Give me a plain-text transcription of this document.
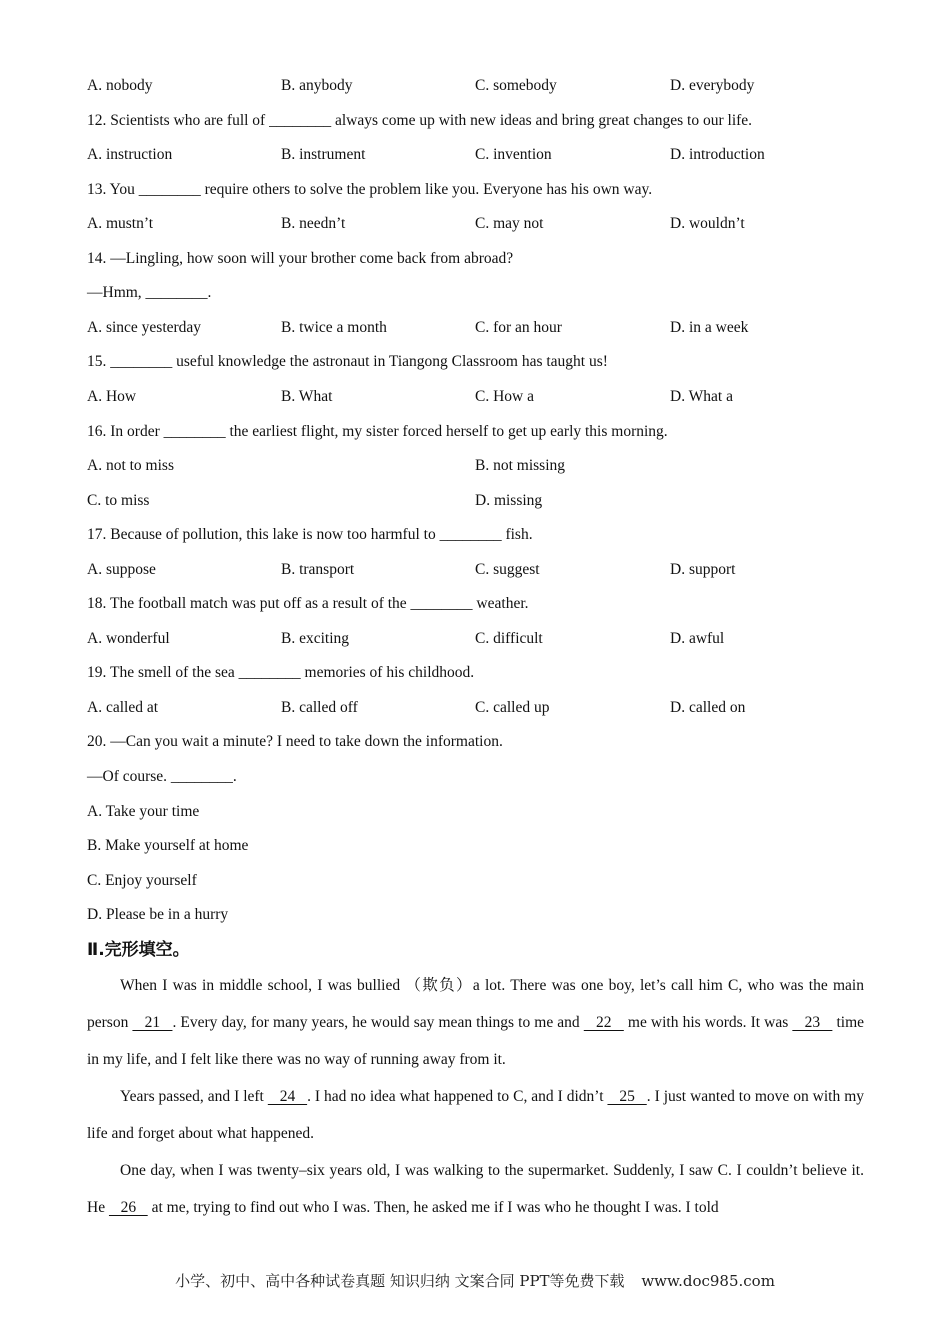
A. nobody	B. anybody	C. somebody	D. everybody
12. Scientists who are full of ________ always come up with new ideas and bring great changes to our life.
A. instruction	B. instrument	C. invention	D. introduction
13. You ________ require others to solve the problem like you. Everyone has his own way.
A. mustn’t	B. needn’t	C. may not	D. wouldn’t
14. —Lingling, how soon will your brother come back from abroad?
—Hmm, ________.
A. since yesterday	B. twice a month	C. for an hour	D. in a week
15. ________ useful knowledge the astronaut in Tiangong Classroom has taught us!
A. How	B. What	C. How a	D. What a
16. In order ________ the earliest flight, my sister forced herself to get up early this morning.
A. not to miss	B. not missing
C. to miss	D. missing
17. Because of pollution, this lake is now too harmful to ________ fish.
A. suppose	B. transport	C. suggest	D. support
18. The football match was put off as a result of the ________ weather.
A. wonderful	B. exciting	C. difficult	D. awful
19. The smell of the sea ________ memories of his childhood.
A. called at	B. called off	C. called up	D. called on
20. —Can you wait a minute? I need to take down the information.
—Of course. ________.
A. Take your time
B. Make yourself at home
C. Enjoy yourself
D. Please be in a hurry
Ⅱ.完形填空。

When I was in middle school, I was bullied （欺负）a lot. There was one boy, let’s call him C, who was the main person    21   . Every day, for many years, he would say mean things to me and    22    me with his words. It was    23    time in my life, and I felt like there was no way of running away from it.

Years passed, and I left    24   . I had no idea what happened to C, and I didn’t    25   . I just wanted to move on with my life and forget about what happened.

One day, when I was twenty–six years old, I was walking to the supermarket. Suddenly, I saw C. I couldn’t believe it. He    26    at me, trying to find out who I was. Then, he asked me if I was who he thought I was. I told

小学、初中、高中各种试卷真题 知识归纳 文案合同 PPT等免费下载 www.doc985.com
